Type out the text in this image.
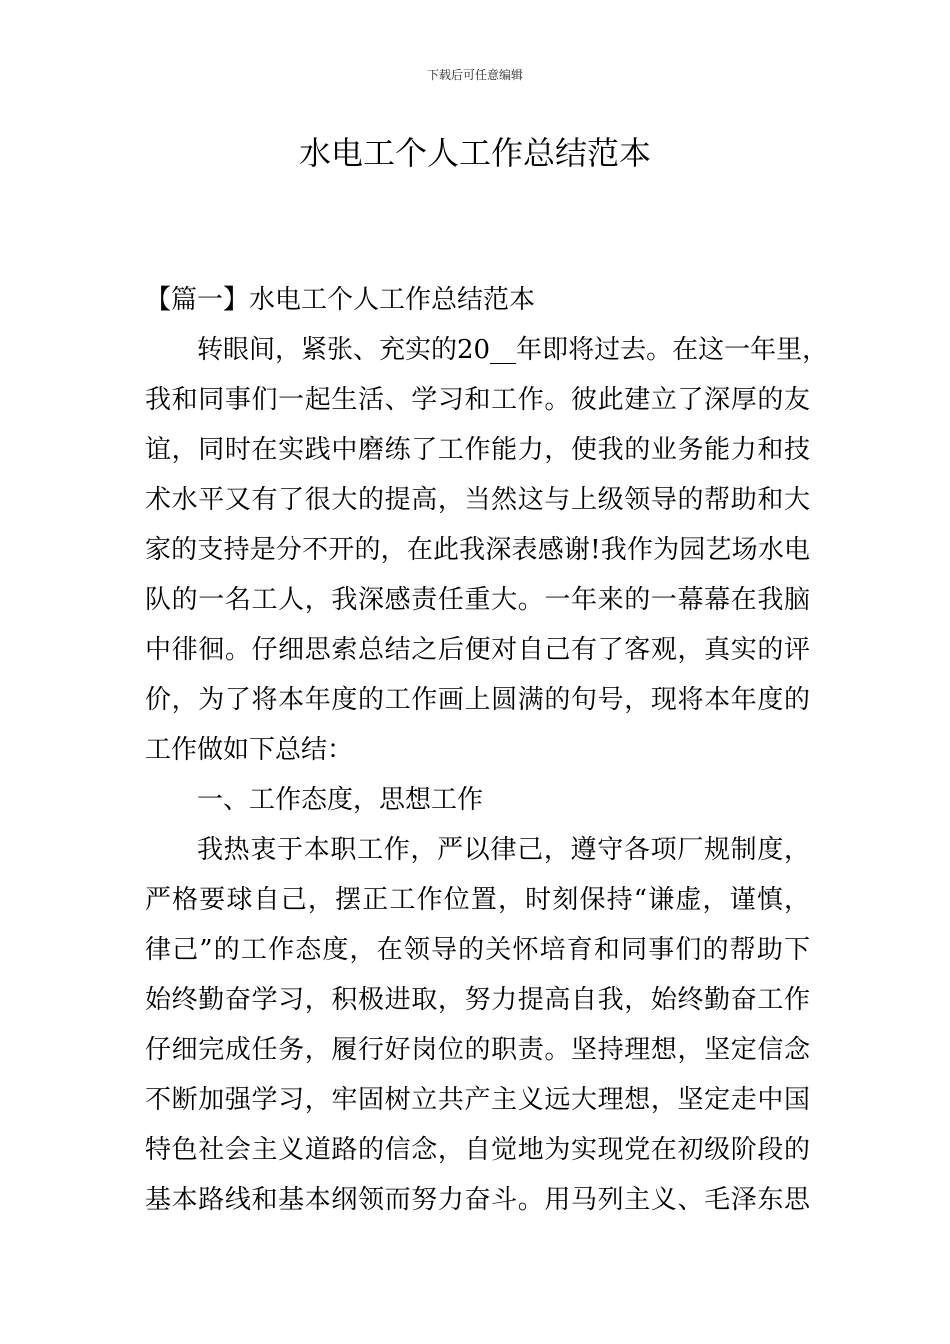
下载后可任意编辑
水电工个人工作总结范本
【篇一】水电工个人工作总结范本
转眼间，紧张、充实的20__年即将过去。在这一年里，
我和同事们一起生活、学习和工作。彼此建立了深厚的友
谊，同时在实践中磨练了工作能力，使我的业务能力和技
术水平又有了很大的提高，当然这与上级领导的帮助和大
家的支持是分不开的，在此我深表感谢!我作为园艺场水电
队的一名工人，我深感责任重大。一年来的一幕幕在我脑
中徘徊。仔细思索总结之后便对自己有了客观，真实的评
价，为了将本年度的工作画上圆满的句号，现将本年度的
工作做如下总结：
一、工作态度，思想工作
我热衷于本职工作，严以律己，遵守各项厂规制度，
严格要球自己，摆正工作位置，时刻保持“谦虚，谨慎，
律己”的工作态度，在领导的关怀培育和同事们的帮助下
始终勤奋学习，积极进取，努力提高自我，始终勤奋工作
仔细完成任务，履行好岗位的职责。坚持理想，坚定信念
不断加强学习，牢固树立共产主义远大理想，坚定走中国
特色社会主义道路的信念，自觉地为实现党在初级阶段的
基本路线和基本纲领而努力奋斗。用马列主义、毛泽东思
